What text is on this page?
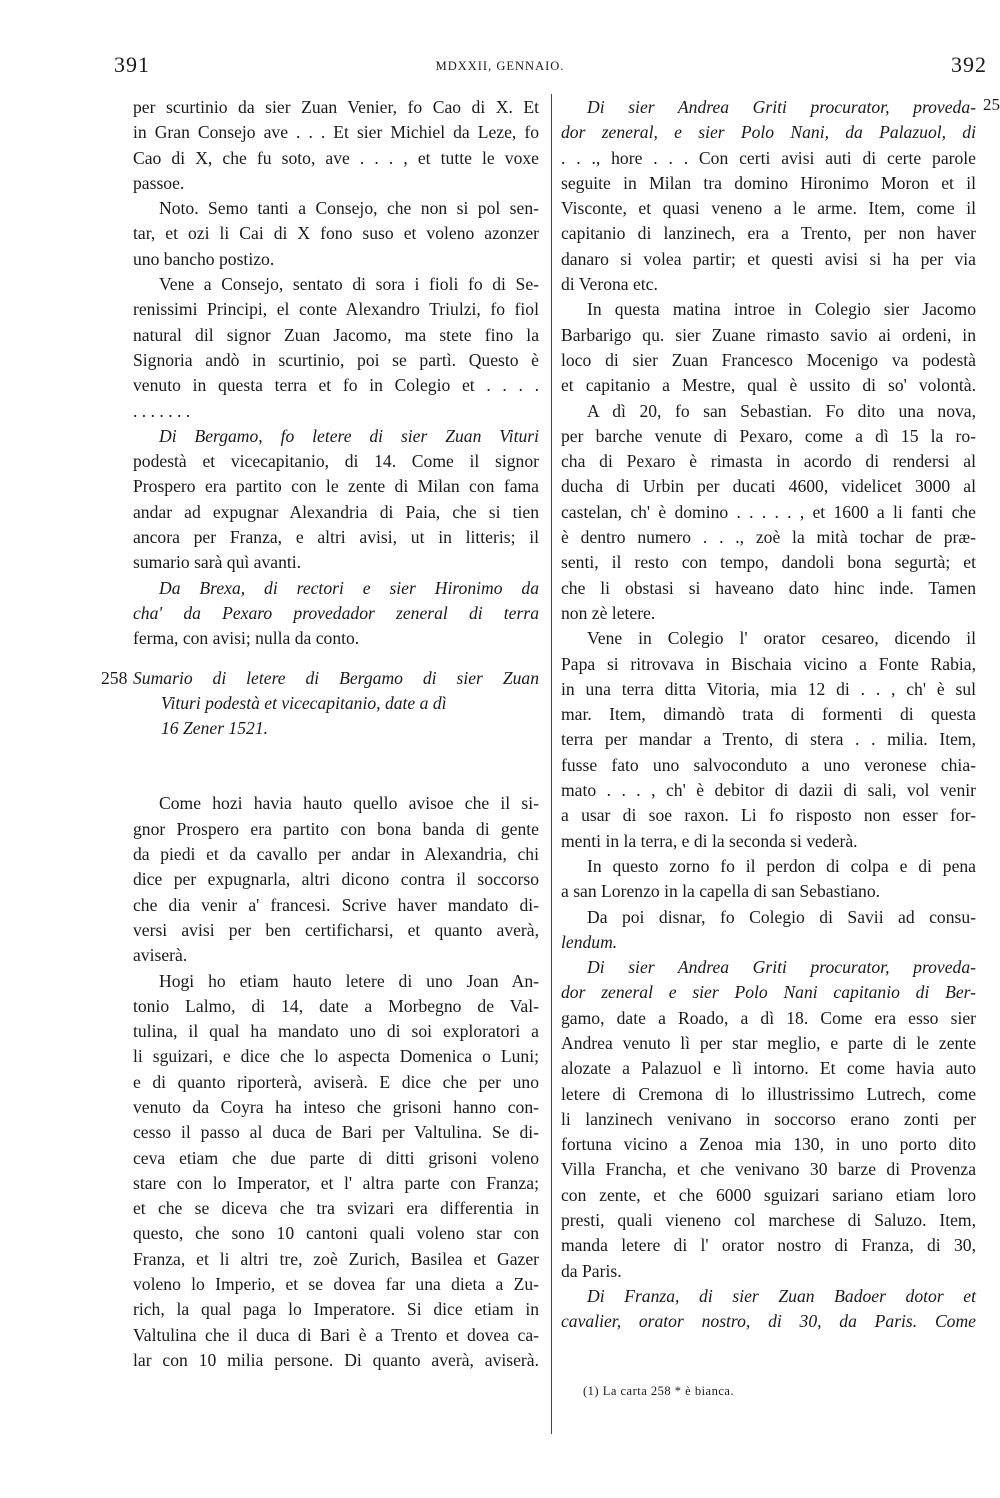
391	MDXXII, GENNAIO.	392
25
per scurtinio da sier Zuan Venier, fo Cao di X. Et
in Gran Consejo ave . . . Et sier Michiel da Leze, fo
Cao di X, che fu soto, ave . . . , et tutte le voxe
passoe.
Noto. Semo tanti a Consejo, che non si pol sen-
tar, et ozi li Cai di X fono suso et voleno azonzer
uno bancho postizo.
Vene a Consejo, sentato di sora i fioli fo di Se-
renissimi Principi, el conte Alexandro Triulzi, fo fiol
natural dil signor Zuan Jacomo, ma stete fino la
Signoria andò in scurtinio, poi se partì. Questo è
venuto in questa terra et fo in Colegio et . . . .
. . . . . . .
Di Bergamo, fo letere di sier Zuan Vituri
podestà et vicecapitanio, di 14. Come il signor
Prospero era partito con le zente di Milan con fama
andar ad expugnar Alexandria di Paia, che si tien
ancora per Franza, e altri avisi, ut in litteris; il
sumario sarà quì avanti.
Da Brexa, di rectori e sier Hironimo da
cha' da Pexaro provedador zeneral di terra
ferma, con avisi; nulla da conto.
258 Sumario di letere di Bergamo di sier Zuan
Vituri podestà et vicecapitanio, date a dì
16 Zener 1521.
Come hozi havia hauto quello avisoe che il si-
gnor Prospero era partito con bona banda di gente
da piedi et da cavallo per andar in Alexandria, chi
dice per expugnarla, altri dicono contra il soccorso
che dia venir a' francesi. Scrive haver mandato di-
versi avisi per ben certificharsi, et quanto averà,
aviserà.
Hogi ho etiam hauto letere di uno Joan An-
tonio Lalmo, di 14, date a Morbegno de Val-
tulina, il qual ha mandato uno di soi exploratori a
li sguizari, e dice che lo aspecta Domenica o Luni;
e di quanto riporterà, aviserà. E dice che per uno
venuto da Coyra ha inteso che grisoni hanno con-
cesso il passo al duca de Bari per Valtulina. Se di-
ceva etiam che due parte di ditti grisoni voleno
stare con lo Imperator, et l' altra parte con Franza;
et che se diceva che tra svizari era differentia in
questo, che sono 10 cantoni quali voleno star con
Franza, et li altri tre, zoè Zurich, Basilea et Gazer
voleno lo Imperio, et se dovea far una dieta a Zu-
rich, la qual paga lo Imperatore. Si dice etiam in
Valtulina che il duca di Bari è a Trento et dovea ca-
lar con 10 milia persone. Di quanto averà, aviserà.
Di sier Andrea Griti procurator, proveda-
dor zeneral, e sier Polo Nani, da Palazuol, di
. . ., hore . . . Con certi avisi auti di certe parole
seguite in Milan tra domino Hironimo Moron et il
Visconte, et quasi veneno a le arme. Item, come il
capitanio di lanzinech, era a Trento, per non haver
danaro si volea partir; et questi avisi si ha per via
di Verona etc.
In questa matina introe in Colegio sier Jacomo
Barbarigo qu. sier Zuane rimasto savio ai ordeni, in
loco di sier Zuan Francesco Mocenigo va podestà
et capitanio a Mestre, qual è ussito di so' volontà.
A dì 20, fo san Sebastian. Fo dito una nova,
per barche venute di Pexaro, come a dì 15 la ro-
cha di Pexaro è rimasta in acordo di rendersi al
ducha di Urbin per ducati 4600, videlicet 3000 al
castelan, ch' è domino . . . . . , et 1600 a li fanti che
è dentro numero . . ., zoè la mità tochar de præ-
senti, il resto con tempo, dandoli bona segurtà; et
che li obstasi si haveano dato hinc inde. Tamen
non zè letere.
Vene in Colegio l' orator cesareo, dicendo il
Papa si ritrovava in Bischaia vicino a Fonte Rabia,
in una terra ditta Vitoria, mia 12 di . . , ch' è sul
mar. Item, dimandò trata di formenti di questa
terra per mandar a Trento, di stera . . milia. Item,
fusse fato uno salvoconduto a uno veronese chia-
mato . . . , ch' è debitor di dazii di sali, vol venir
a usar di soe raxon. Li fo risposto non esser for-
menti in la terra, e di la seconda si vederà.
In questo zorno fo il perdon di colpa e di pena
a san Lorenzo in la capella di san Sebastiano.
Da poi disnar, fo Colegio di Savii ad consu-
lendum.
Di sier Andrea Griti procurator, proveda-
dor zeneral e sier Polo Nani capitanio di Ber-
gamo, date a Roado, a dì 18. Come era esso sier
Andrea venuto lì per star meglio, e parte di le zente
alozate a Palazuol e lì intorno. Et come havia auto
letere di Cremona di lo illustrissimo Lutrech, come
li lanzinech venivano in soccorso erano zonti per
fortuna vicino a Zenoa mia 130, in uno porto dito
Villa Francha, et che venivano 30 barze di Provenza
con zente, et che 6000 sguizari sariano etiam loro
presti, quali vieneno col marchese di Saluzo. Item,
manda letere di l' orator nostro di Franza, di 30,
da Paris.
Di Franza, di sier Zuan Badoer dotor et
cavalier, orator nostro, di 30, da Paris. Come
(1) La carta 258 * è bianca.
